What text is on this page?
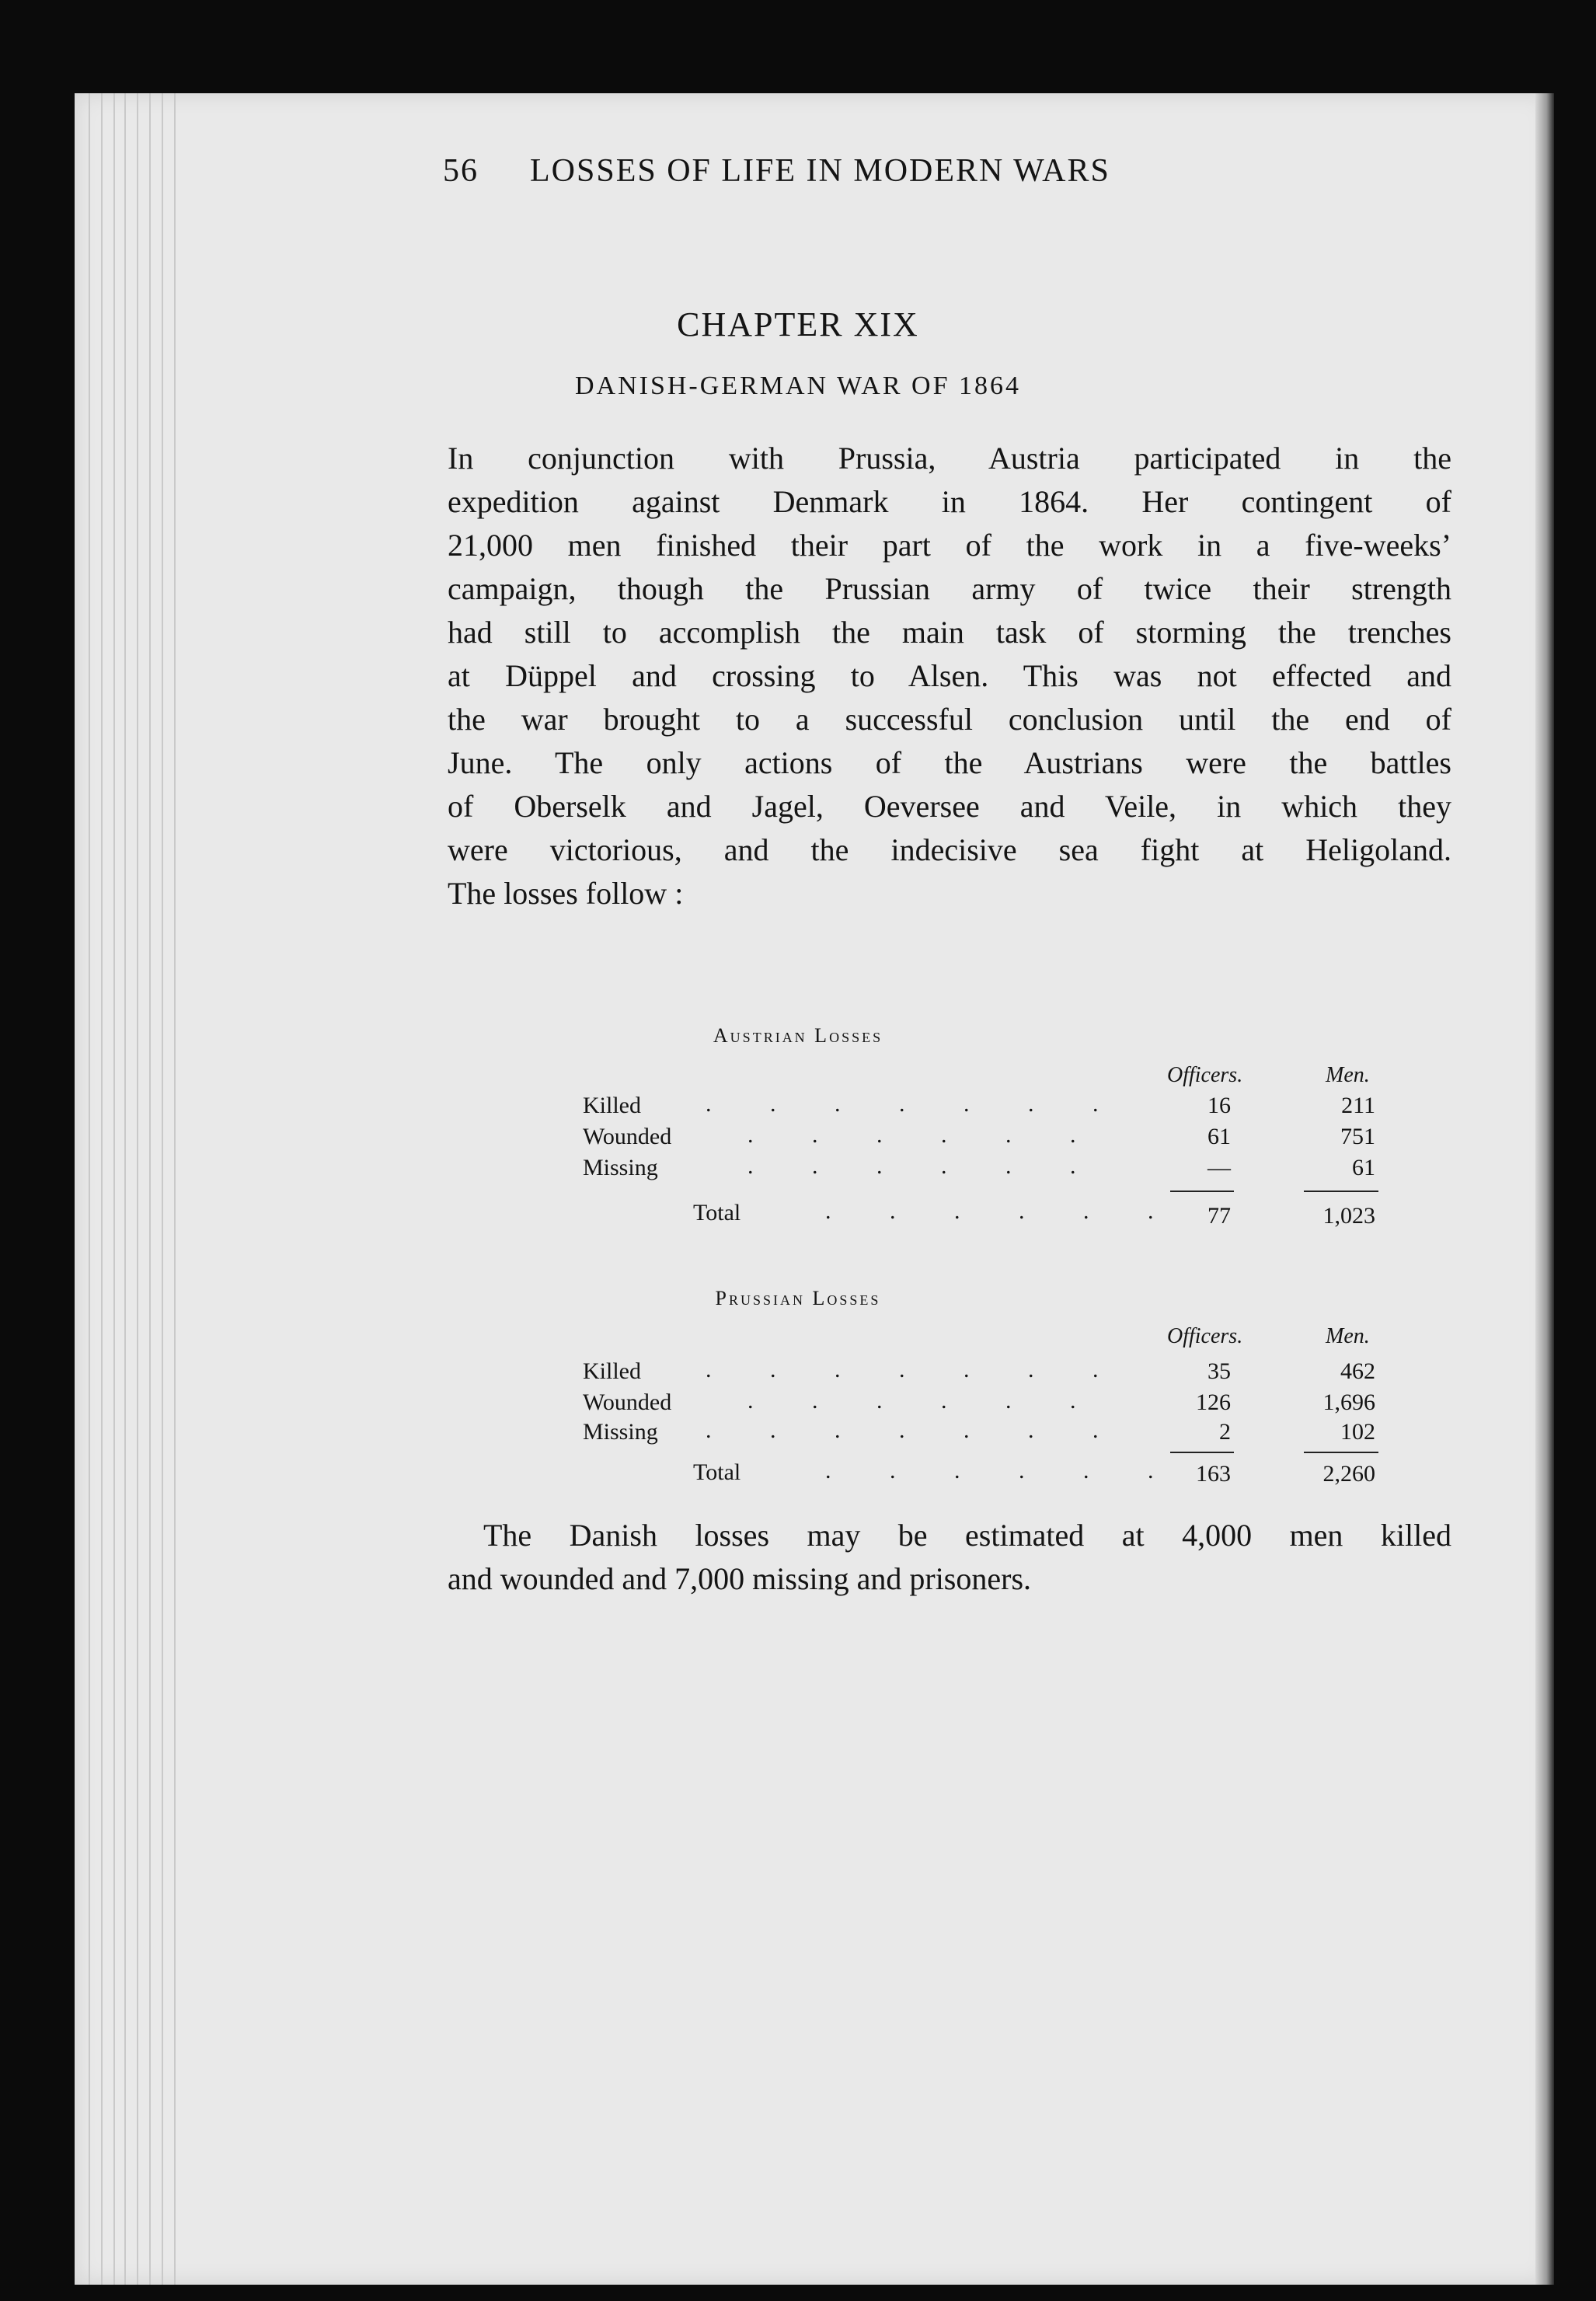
56 LOSSES OF LIFE IN MODERN WARS

CHAPTER XIX

DANISH-GERMAN WAR OF 1864

In conjunction with Prussia, Austria participated in the
expedition against Denmark in 1864. Her contingent of
21,000 men finished their part of the work in a five-weeks’
campaign, though the Prussian army of twice their strength
had still to accomplish the main task of storming the trenches
at Düppel and crossing to Alsen. This was not effected and
the war brought to a successful conclusion until the end of
June. The only actions of the Austrians were the battles
of Oberselk and Jagel, Oeversee and Veile, in which they
were victorious, and the indecisive sea fight at Heligoland.
The losses follow :

Austrian Losses

Officers.	Men.

Killed	. . . . . . .	16	211

Wounded	. . . . . .	61	751

Missing	. . . . . .	—	61

Total	. . . . . .	77	1,023

Prussian Losses

Officers.	Men.

Killed	. . . . . . .	35	462

Wounded	. . . . . .	126	1,696

Missing . . . . . . .	2	102

Total	. . . . . . 163	2,260

The Danish losses may be estimated at 4,000 men killed
and wounded and 7,000 missing and prisoners.
